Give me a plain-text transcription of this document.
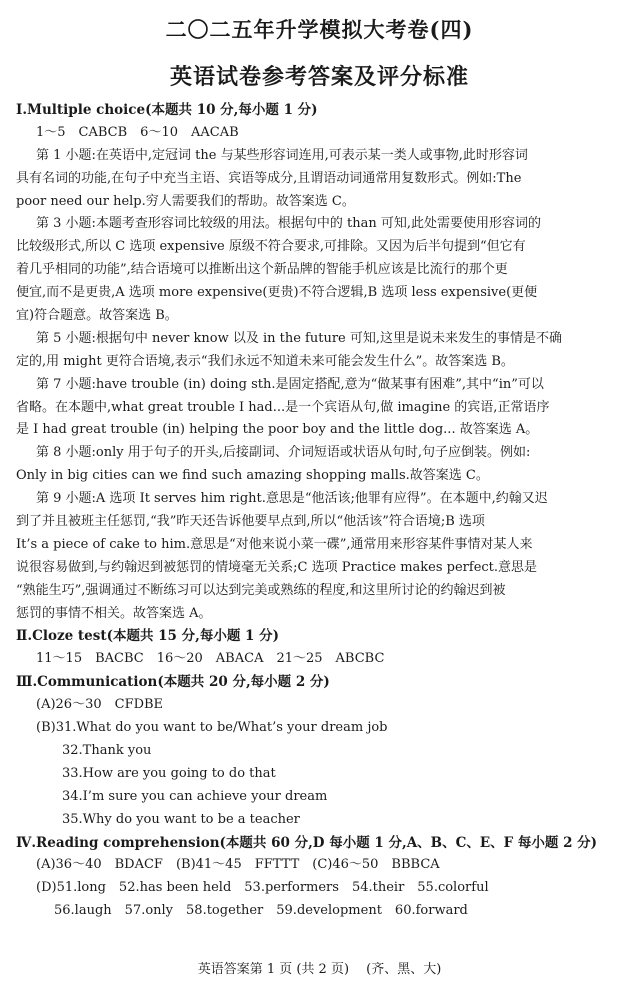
二〇二五年升学模拟大考卷(四)
英语试卷参考答案及评分标准
Ⅰ.Multiple choice(本题共 10 分,每小题 1 分)
1～5　CABCB　6～10　AACAB
第 1 小题:在英语中,定冠词 the 与某些形容词连用,可表示某一类人或事物,此时形容词
具有名词的功能,在句子中充当主语、宾语等成分,且谓语动词通常用复数形式。例如:The
poor need our help.穷人需要我们的帮助。故答案选 C。
第 3 小题:本题考查形容词比较级的用法。根据句中的 than 可知,此处需要使用形容词的
比较级形式,所以 C 选项 expensive 原级不符合要求,可排除。又因为后半句提到“但它有
着几乎相同的功能”,结合语境可以推断出这个新品牌的智能手机应该是比流行的那个更
便宜,而不是更贵,A 选项 more expensive(更贵)不符合逻辑,B 选项 less expensive(更便
宜)符合题意。故答案选 B。
第 5 小题:根据句中 never know 以及 in the future 可知,这里是说未来发生的事情是不确
定的,用 might 更符合语境,表示“我们永远不知道未来可能会发生什么”。故答案选 B。
第 7 小题:have trouble (in) doing sth.是固定搭配,意为“做某事有困难”,其中“in”可以
省略。在本题中,what great trouble I had...是一个宾语从句,做 imagine 的宾语,正常语序
是 I had great trouble (in) helping the poor boy and the little dog... 故答案选 A。
第 8 小题:only 用于句子的开头,后接副词、介词短语或状语从句时,句子应倒装。例如:
Only in big cities can we find such amazing shopping malls.故答案选 C。
第 9 小题:A 选项 It serves him right.意思是“他活该;他罪有应得”。在本题中,约翰又迟
到了并且被班主任惩罚,“我”昨天还告诉他要早点到,所以“他活该”符合语境;B 选项
It’s a piece of cake to him.意思是“对他来说小菜一碟”,通常用来形容某件事情对某人来
说很容易做到,与约翰迟到被惩罚的情境毫无关系;C 选项 Practice makes perfect.意思是
“熟能生巧”,强调通过不断练习可以达到完美或熟练的程度,和这里所讨论的约翰迟到被
惩罚的事情不相关。故答案选 A。
Ⅱ.Cloze test(本题共 15 分,每小题 1 分)
11～15　BACBC　16～20　ABACA　21～25　ABCBC
Ⅲ.Communication(本题共 20 分,每小题 2 分)
(A)26～30　CFDBE
(B)31.What do you want to be/What’s your dream job
32.Thank you
33.How are you going to do that
34.I’m sure you can achieve your dream
35.Why do you want to be a teacher
Ⅳ.Reading comprehension(本题共 60 分,D 每小题 1 分,A、B、C、E、F 每小题 2 分)
(A)36～40　BDACF　(B)41～45　FFTTT　(C)46～50　BBBCA
(D)51.long　52.has been held　53.performers　54.their　55.colorful
56.laugh　57.only　58.together　59.development　60.forward
英语答案第 1 页 (共 2 页)　 (齐、黑、大)
